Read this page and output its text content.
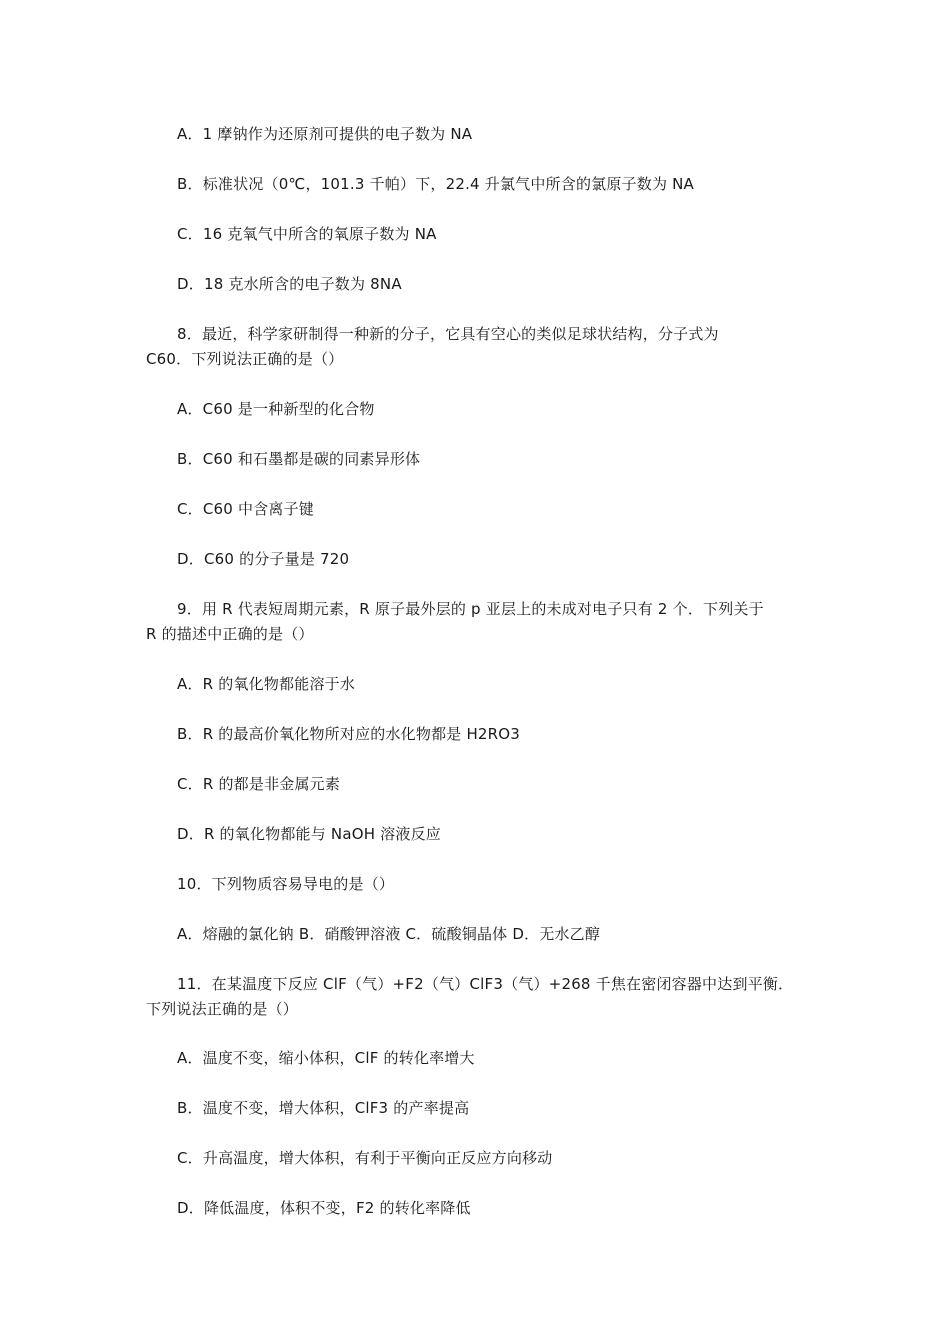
A．1 摩钠作为还原剂可提供的电子数为 NA
B．标准状况（0℃，101.3 千帕）下，22.4 升氯气中所含的氯原子数为 NA
C．16 克氧气中所含的氧原子数为 NA
D．18 克水所含的电子数为 8NA
8．最近，科学家研制得一种新的分子，它具有空心的类似足球状结构，分子式为
C60．下列说法正确的是（）
A．C60 是一种新型的化合物
B．C60 和石墨都是碳的同素异形体
C．C60 中含离子键
D．C60 的分子量是 720
9．用 R 代表短周期元素，R 原子最外层的 p 亚层上的未成对电子只有 2 个．下列关于
R 的描述中正确的是（）
A．R 的氧化物都能溶于水
B．R 的最高价氧化物所对应的水化物都是 H2RO3
C．R 的都是非金属元素
D．R 的氧化物都能与 NaOH 溶液反应
10．下列物质容易导电的是（）
A．熔融的氯化钠 B．硝酸钾溶液 C．硫酸铜晶体 D．无水乙醇
11．在某温度下反应 ClF（气）+F2（气）ClF3（气）+268 千焦在密闭容器中达到平衡．
下列说法正确的是（）
A．温度不变，缩小体积，ClF 的转化率增大
B．温度不变，增大体积，ClF3 的产率提高
C．升高温度，增大体积，有利于平衡向正反应方向移动
D．降低温度，体积不变，F2 的转化率降低
